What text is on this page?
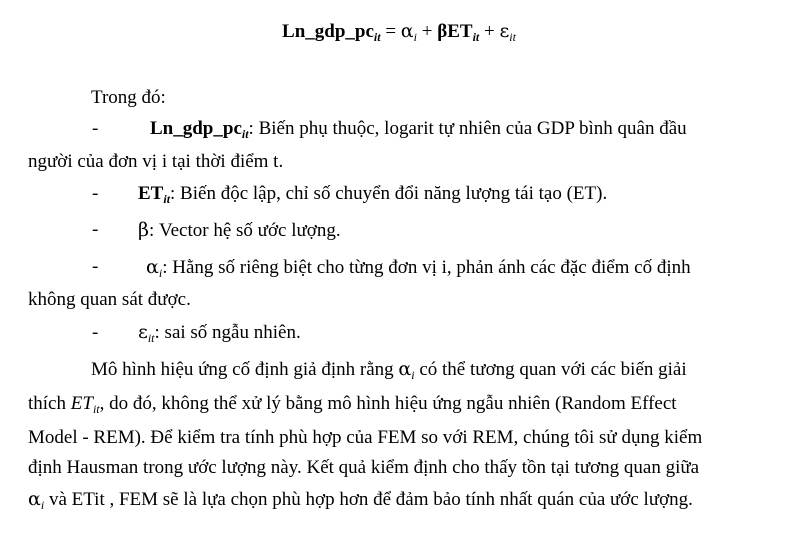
$Ln\_gdp\_pc_{it} = \alpha_i + \beta ET_{it} + \varepsilon_{it}$
Trong đó:
-	$Ln\_gdp\_pc_{it}$: Biến phụ thuộc, logarit tự nhiên của GDP bình quân đầu
người của đơn vị i tại thời điểm t.
- $ET_{it}$: Biến độc lập, chỉ số chuyển đổi năng lượng tái tạo (ET).
- β: Vector hệ số ước lượng.
-	$\alpha_i$: Hằng số riêng biệt cho từng đơn vị i, phản ánh các đặc điểm cố định
không quan sát được.
- $\varepsilon_{it}$: sai số ngẫu nhiên.
Mô hình hiệu ứng cố định giả định rằng $\alpha_i$ có thể tương quan với các biến giải
thích $ET_{it}$, do đó, không thể xử lý bằng mô hình hiệu ứng ngẫu nhiên (Random Effect
Model - REM). Để kiểm tra tính phù hợp của FEM so với REM, chúng tôi sử dụng kiểm
định Hausman trong ước lượng này. Kết quả kiểm định cho thấy tồn tại tương quan giữa
$\alpha_i$ và ETit , FEM sẽ là lựa chọn phù hợp hơn để đảm bảo tính nhất quán của ước lượng.
